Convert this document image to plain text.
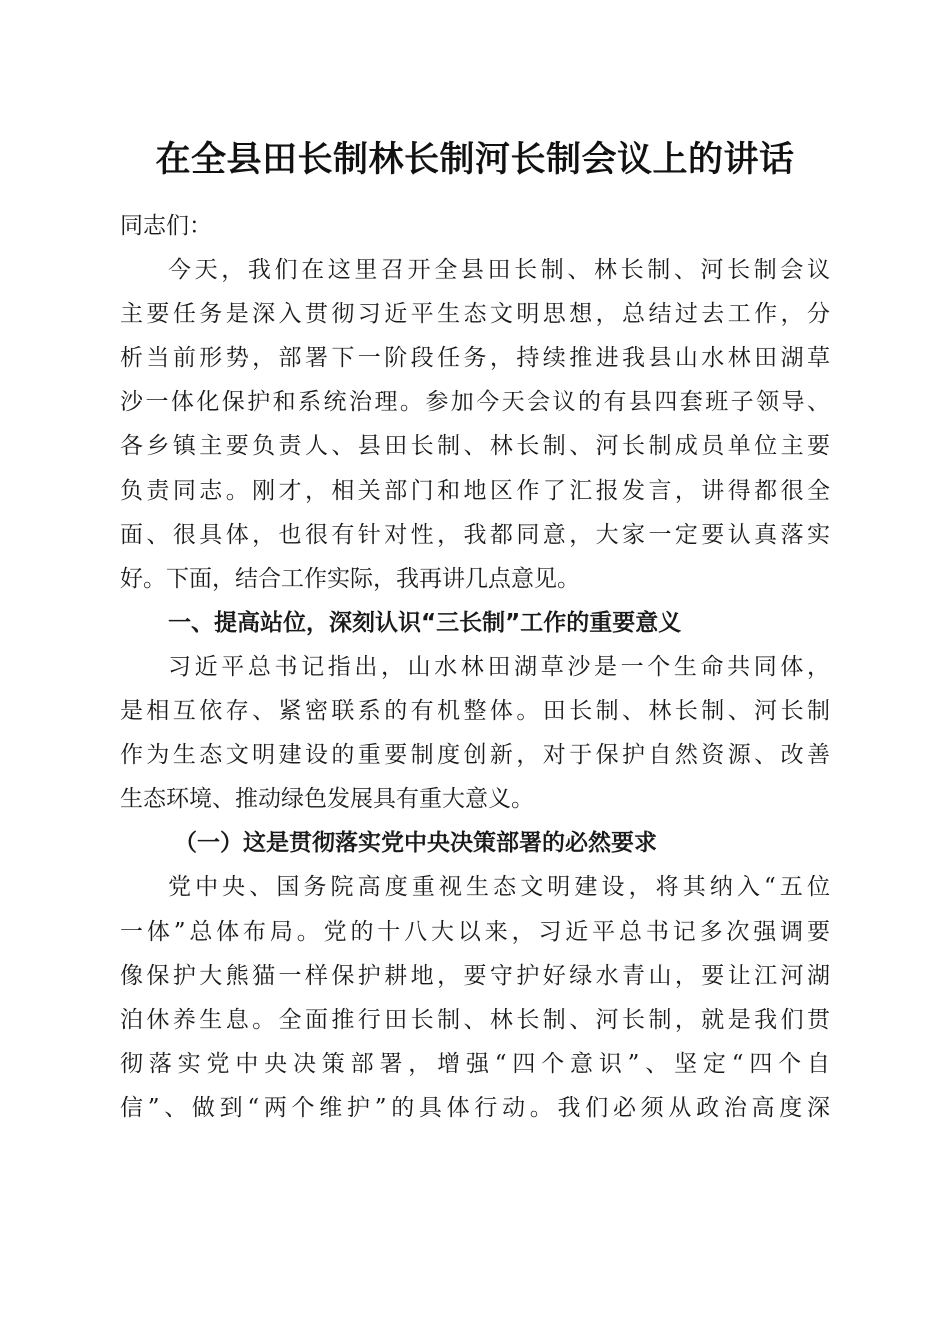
在全县田长制林长制河长制会议上的讲话
同志们：
今天，我们在这里召开全县田长制、林长制、河长制会议
主要任务是深入贯彻习近平生态文明思想，总结过去工作，分
析当前形势，部署下一阶段任务，持续推进我县山水林田湖草
沙一体化保护和系统治理。参加今天会议的有县四套班子领导、
各乡镇主要负责人、县田长制、林长制、河长制成员单位主要
负责同志。刚才，相关部门和地区作了汇报发言，讲得都很全
面、很具体，也很有针对性，我都同意，大家一定要认真落实
好。下面，结合工作实际，我再讲几点意见。
一、提高站位，深刻认识“三长制”工作的重要意义
习近平总书记指出，山水林田湖草沙是一个生命共同体，
是相互依存、紧密联系的有机整体。田长制、林长制、河长制
作为生态文明建设的重要制度创新，对于保护自然资源、改善
生态环境、推动绿色发展具有重大意义。
（一）这是贯彻落实党中央决策部署的必然要求
党中央、国务院高度重视生态文明建设，将其纳入“五位
一体”总体布局。党的十八大以来，习近平总书记多次强调要
像保护大熊猫一样保护耕地，要守护好绿水青山，要让江河湖
泊休养生息。全面推行田长制、林长制、河长制，就是我们贯
彻落实党中央决策部署，增强“四个意识”、坚定“四个自
信”、做到“两个维护”的具体行动。我们必须从政治高度深
